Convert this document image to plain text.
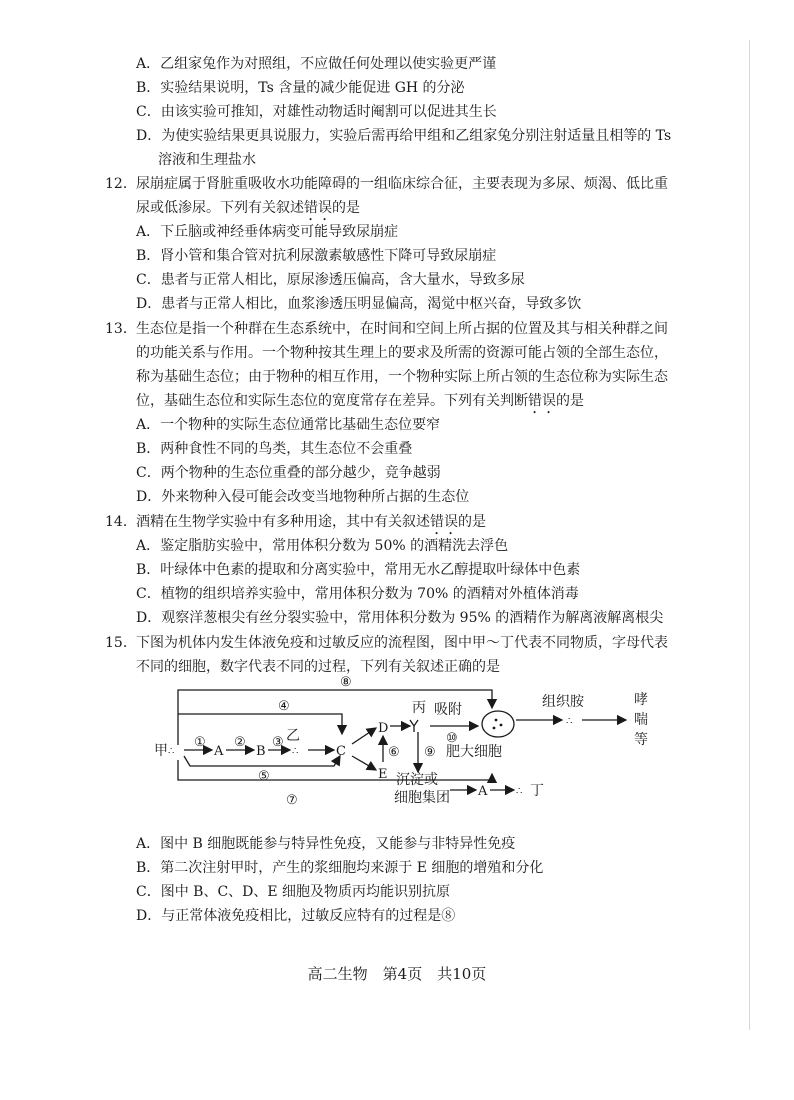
A．乙组家兔作为对照组，不应做任何处理以使实验更严谨
B．实验结果说明，Ts 含量的减少能促进 GH 的分泌
C．由该实验可推知，对雄性动物适时阉割可以促进其生长
D．为使实验结果更具说服力，实验后需再给甲组和乙组家兔分别注射适量且相等的 Ts
溶液和生理盐水
12． 尿崩症属于肾脏重吸收水功能障碍的一组临床综合征，主要表现为多尿、烦渴、低比重
尿或低渗尿。下列有关叙述错误的是
A．下丘脑或神经垂体病变可能导致尿崩症
B．肾小管和集合管对抗利尿激素敏感性下降可导致尿崩症
C．患者与正常人相比，原尿渗透压偏高，含大量水，导致多尿
D．患者与正常人相比，血浆渗透压明显偏高，渴觉中枢兴奋，导致多饮
13． 生态位是指一个种群在生态系统中，在时间和空间上所占据的位置及其与相关种群之间
的功能关系与作用。一个物种按其生理上的要求及所需的资源可能占领的全部生态位，
称为基础生态位；由于物种的相互作用，一个物种实际上所占领的生态位称为实际生态
位，基础生态位和实际生态位的宽度常存在差异。下列有关判断错误的是
A．一个物种的实际生态位通常比基础生态位要窄
B．两种食性不同的鸟类，其生态位不会重叠
C．两个物种的生态位重叠的部分越少，竞争越弱
D．外来物种入侵可能会改变当地物种所占据的生态位
14． 酒精在生物学实验中有多种用途，其中有关叙述错误的是
A．鉴定脂肪实验中，常用体积分数为 50% 的酒精洗去浮色
B．叶绿体中色素的提取和分离实验中，常用无水乙醇提取叶绿体中色素
C．植物的组织培养实验中，常用体积分数为 70% 的酒精对外植体消毒
D．观察洋葱根尖有丝分裂实验中，常用体积分数为 95% 的酒精作为解离液解离根尖
15． 下图为机体内发生体液免疫和过敏反应的流程图，图中甲～丁代表不同物质，字母代表
不同的细胞，数字代表不同的过程，下列有关叙述正确的是
甲	A	B
乙
C
D
E
丙 吸附
肥大细胞
组织胺	哮
喘
等
沉淀或
细胞集团 A	丁
∴
∴
∴
∴
① ② ③
④
⑤
⑥
⑦
⑧
⑨
⑩
A．图中 B 细胞既能参与特异性免疫，又能参与非特异性免疫
B．第二次注射甲时，产生的浆细胞均来源于 E 细胞的增殖和分化
C．图中 B、C、D、E 细胞及物质丙均能识别抗原
D．与正常体液免疫相比，过敏反应特有的过程是⑧
高二生物　第4页　共10页
